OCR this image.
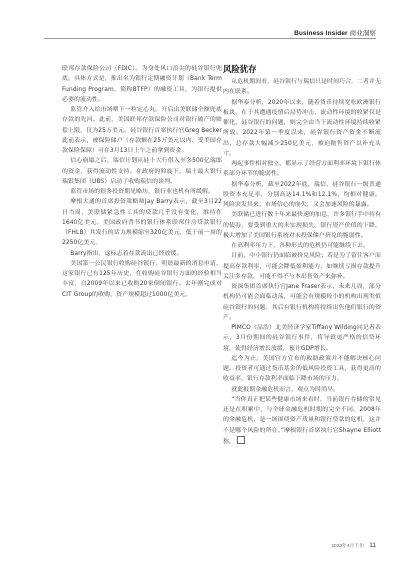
Business Insider 商业洞察

联邦存款保险公司（FDIC）。为身处风口浪尖的硅谷银行兜底。具体方式是，推出名为银行定期融资计划（Bank Term Funding Program，简称BTFP）的融资工具，为银行提供必要的流动性。

监管介入给市场喂下一粒定心丸。开启由美联储全额兜底存款的先河。此前，美国联邦存款保险公司对银行破产的赔偿上限，仅为25万美元。硅谷银行首席执行官Greg Becker此前表示，被保险储户（存款额在25万美元以内、受美国存款保险保障）可在3月13日上午之前拿到资金。

信心崩塌之后，瑞信计划从硅十大行借入至多500亿瑞郎的资金，获得流动性支持。在政府的斡旋下，瑞士最大银行瑞银集团（UBS）启动了收购瑞信的谈判。

监管市场的很多投资期见略坊，银行业也机有所缓解。

摩根大通的首席投资策略师Jay Barry表示，截至3月22日当周，美联储紧急性工具的贷款几乎没有变化，维持在1640亿美元。美国政府背书的银行体系联邦住房贷款银行（FHLB）其发行的话力规模缩至320亿美元，低于前一周的2250亿美元。

Barry指出，这标志着存款流出已经放缓。

美国第一公民银行收购硅谷银行，明晨最新的消息申请，这家银行已有125年历史，在收购硅谷银行方面的经验相当丰富，自2009年以来已收购20家倒闭银行。去年刚完成对CIT Group的收购，资产规模超过1000亿美元。

风险犹存

从危机期间看，硅谷银行与瑞信只是时间巧合，二者并无内在联系。

据华泰分析，2020年以来，随着货币持续宽松欧洲银行板块，在于其遭遇疫情后局势冲击、流动性环境的收紧仅是催化，硅谷银行的问题，则完全由当下流动性环境持续收紧所致。2022年第一季度以来，硅谷银行资产资金不断流出，总存款大幅减少250亿美元，被迫抛售资产以补充头寸。

两起事件相对独立，都显示了经营方面利率环境下银行体系部分环节的脆弱性。

据华泰分析，截至2022年底，瑞信、硅谷银行一级普通股资本充足率，分别高达14.1%和12.1%，均相对健康。风险突发其来，市场信心的崩失，又会加速风险的暴露。

美联储已进行数十年来最快速的加息，许多银行手中持有的债券，要受到重大的未实现损失。银行资产价值的下降，极大增加了美国银行系统对未投保储户挤兑的脆弱性。

在高利率压力下，各种形式的危机仍可能继续下去。

目前，中小银行仍面临被挤兑风险；若是为了留住客户而提高存款利率，可能会降低盈利能力；如继续亏损存款提升关注多存款，可能不得不与本出售资产来弥补。

资深集团首席执行官Jane Fraser表示，未来几周，部分机构仍可能会面临动荡，可能会有规模较小的机构出现类似硅谷银行的问题。其后有银行机构将持续出售他们银行的资产。

PIMCO（品浩）北美经济学家Tiffany Wilding同记者表示，3月份期间的硅谷银行事件，将导致更严格的信贷环境，使得经济增长放缓，预计GDP增长。

迄今为止，美国官方宣布的救助政策并不能解决核心问题。投资者可通过货币基金的低风险投资工具，获得更高的收益率，银行存款利率面临下降市场的压力。

就此报期金融危机而言，观点为时尚早。

“当你真正把某些健康市场来看时，当前银行存储的常见还是在积累中，与全球金融危机时期的完全不同。2008年的金融危机，是一场围绕资产质量和银行贷款的危机，这并不是哪个风险的所在。”摩根银行首席执行官Shayne Elliott称。

2023年4月下旬 11
